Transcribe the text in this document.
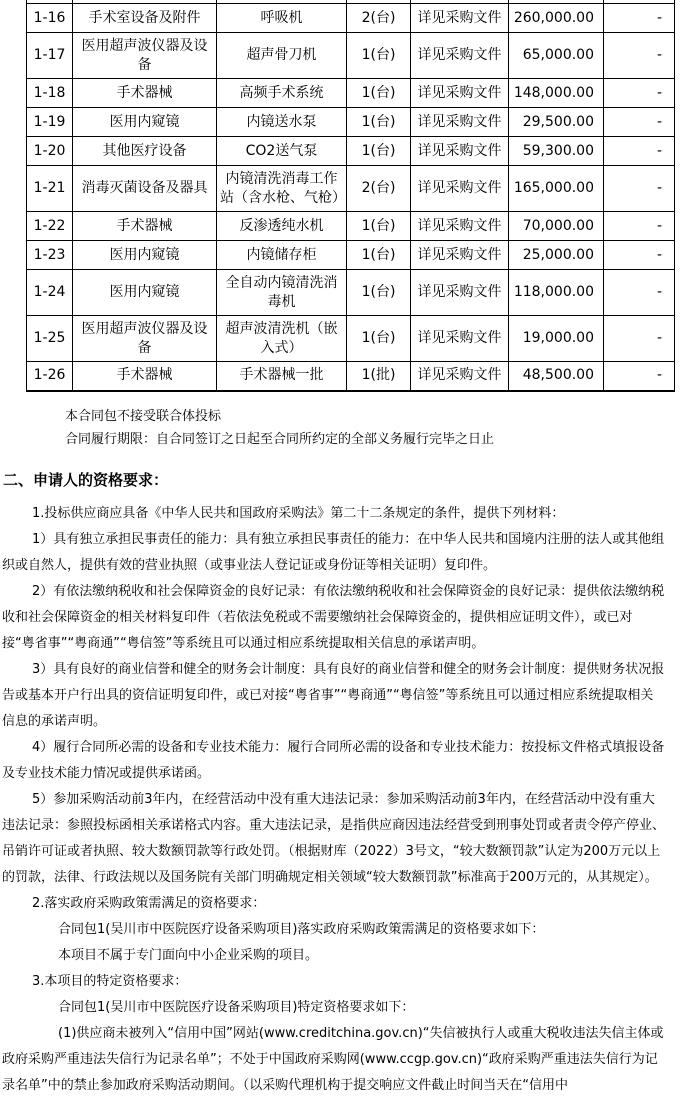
1-16	手术室设备及附件	呼吸机	2(台)	详见采购文件	260,000.00	-
1-17	医用超声波仪器及设备	超声骨刀机	1(台)	详见采购文件	65,000.00	-
1-18	手术器械	高频手术系统	1(台)	详见采购文件	148,000.00	-
1-19	医用内窥镜	内镜送水泵	1(台)	详见采购文件	29,500.00	-
1-20	其他医疗设备	CO2送气泵	1(台)	详见采购文件	59,300.00	-
1-21	消毒灭菌设备及器具	内镜清洗消毒工作站（含水枪、气枪）	2(台)	详见采购文件	165,000.00	-
1-22	手术器械	反渗透纯水机	1(台)	详见采购文件	70,000.00	-
1-23	医用内窥镜	内镜储存柜	1(台)	详见采购文件	25,000.00	-
1-24	医用内窥镜	全自动内镜清洗消毒机	1(台)	详见采购文件	118,000.00	-
1-25	医用超声波仪器及设备	超声波清洗机（嵌入式）	1(台)	详见采购文件	19,000.00	-
1-26	手术器械	手术器械一批	1(批)	详见采购文件	48,500.00	-

本合同包不接受联合体投标

合同履行期限：自合同签订之日起至合同所约定的全部义务履行完毕之日止

二、申请人的资格要求：

1.投标供应商应具备《中华人民共和国政府采购法》第二十二条规定的条件，提供下列材料：

1）具有独立承担民事责任的能力：具有独立承担民事责任的能力：在中华人民共和国境内注册的法人或其他组织或自然人，提供有效的营业执照（或事业法人登记证或身份证等相关证明）复印件。

2）有依法缴纳税收和社会保障资金的良好记录：有依法缴纳税收和社会保障资金的良好记录：提供依法缴纳税收和社会保障资金的相关材料复印件（若依法免税或不需要缴纳社会保障资金的，提供相应证明文件），或已对接“粤省事”“粤商通”“粤信签”等系统且可以通过相应系统提取相关信息的承诺声明。

3）具有良好的商业信誉和健全的财务会计制度：具有良好的商业信誉和健全的财务会计制度：提供财务状况报告或基本开户行出具的资信证明复印件，或已对接“粤省事”“粤商通”“粤信签”等系统且可以通过相应系统提取相关信息的承诺声明。

4）履行合同所必需的设备和专业技术能力：履行合同所必需的设备和专业技术能力：按投标文件格式填报设备及专业技术能力情况或提供承诺函。

5）参加采购活动前3年内，在经营活动中没有重大违法记录：参加采购活动前3年内，在经营活动中没有重大违法记录：参照投标函相关承诺格式内容。重大违法记录，是指供应商因违法经营受到刑事处罚或者责令停产停业、吊销许可证或者执照、较大数额罚款等行政处罚。（根据财库（2022）3号文，“较大数额罚款”认定为200万元以上的罚款，法律、行政法规以及国务院有关部门明确规定相关领域“较大数额罚款”标准高于200万元的，从其规定）。

2.落实政府采购政策需满足的资格要求：

合同包1(吴川市中医院医疗设备采购项目)落实政府采购政策需满足的资格要求如下：

本项目不属于专门面向中小企业采购的项目。

3.本项目的特定资格要求：

合同包1(吴川市中医院医疗设备采购项目)特定资格要求如下：

(1)供应商未被列入“信用中国”网站(www.creditchina.gov.cn)“失信被执行人或重大税收违法失信主体或政府采购严重违法失信行为记录名单”；不处于中国政府采购网(www.ccgp.gov.cn)“政府采购严重违法失信行为记录名单”中的禁止参加政府采购活动期间。（以采购代理机构于提交响应文件截止时间当天在“信用中
